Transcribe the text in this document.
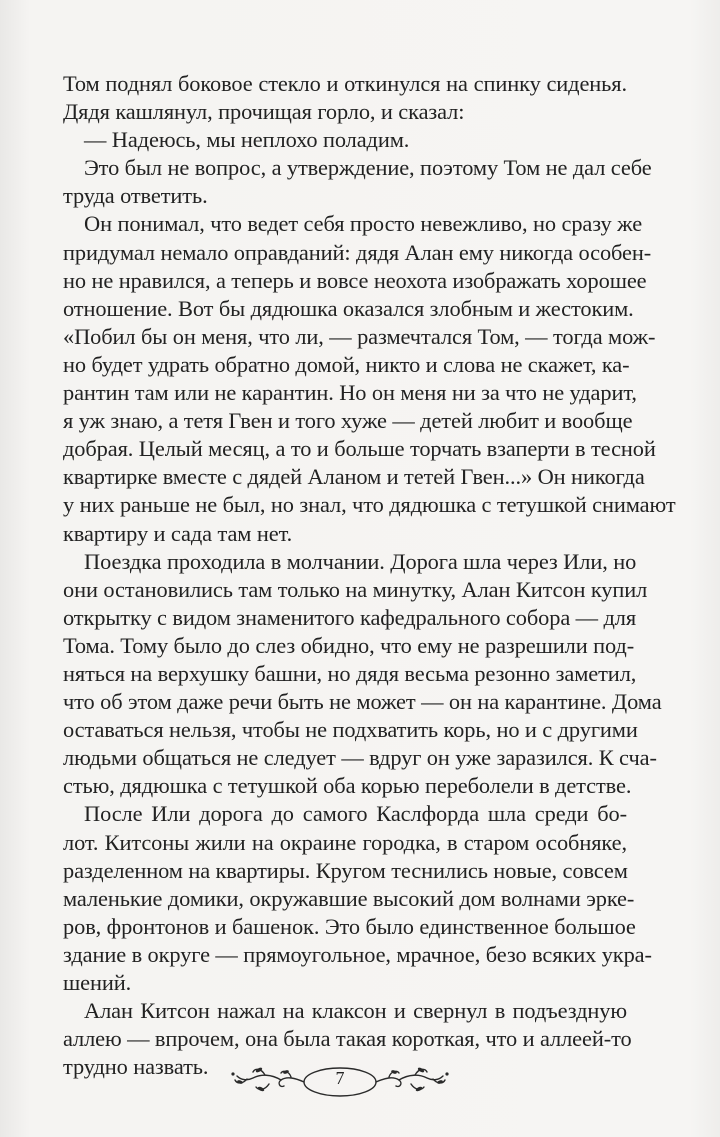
Том поднял боковое стекло и откинулся на спинку сиденья.
Дядя кашлянул, прочищая горло, и сказал:

— Надеюсь, мы неплохо поладим.

Это был не вопрос, а утверждение, поэтому Том не дал себе
труда ответить.

Он понимал, что ведет себя просто невежливо, но сразу же
придумал немало оправданий: дядя Алан ему никогда особен-
но не нравился, а теперь и вовсе неохота изображать хорошее
отношение. Вот бы дядюшка оказался злобным и жестоким.
«Побил бы он меня, что ли, — размечтался Том, — тогда мож-
но будет удрать обратно домой, никто и слова не скажет, ка-
рантин там или не карантин. Но он меня ни за что не ударит,
я уж знаю, а тетя Гвен и того хуже — детей любит и вообще
добрая. Целый месяц, а то и больше торчать взаперти в тесной
квартирке вместе с дядей Аланом и тетей Гвен...» Он никогда
у них раньше не был, но знал, что дядюшка с тетушкой снимают
квартиру и сада там нет.

Поездка проходила в молчании. Дорога шла через Или, но
они остановились там только на минутку, Алан Китсон купил
открытку с видом знаменитого кафедрального собора — для
Тома. Тому было до слез обидно, что ему не разрешили под-
няться на верхушку башни, но дядя весьма резонно заметил,
что об этом даже речи быть не может — он на карантине. Дома
оставаться нельзя, чтобы не подхватить корь, но и с другими
людьми общаться не следует — вдруг он уже заразился. К сча-
стью, дядюшка с тетушкой оба корью переболели в детстве.

После Или дорога до самого Каслфорда шла среди бо-
лот. Китсоны жили на окраине городка, в старом особняке,
разделенном на квартиры. Кругом теснились новые, совсем
маленькие домики, окружавшие высокий дом волнами эрке-
ров, фронтонов и башенок. Это было единственное большое
здание в округе — прямоугольное, мрачное, безо всяких укра-
шений.

Алан Китсон нажал на клаксон и свернул в подъездную
аллею — впрочем, она была такая короткая, что и аллеей-то
трудно назвать.	7
